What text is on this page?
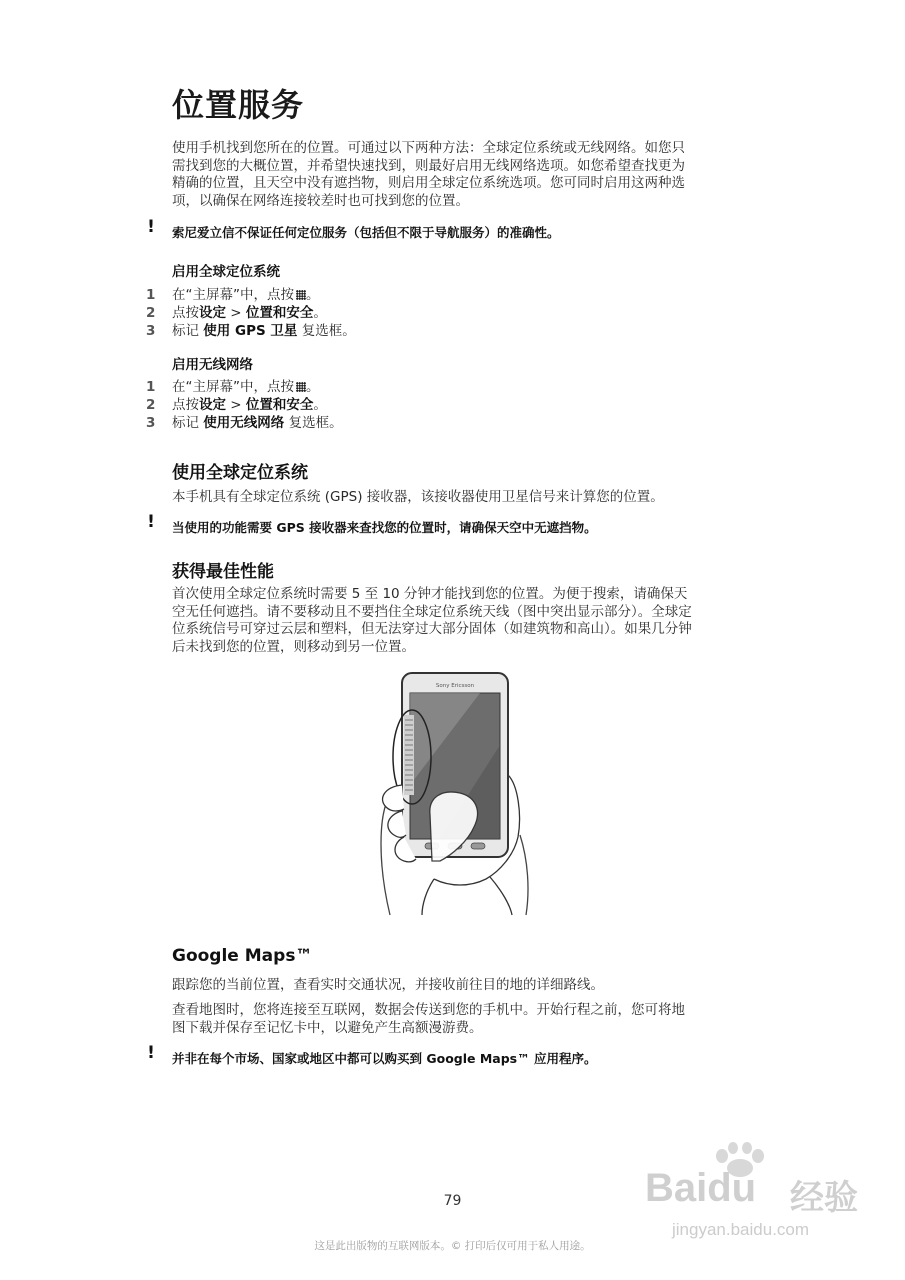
位置服务
使用手机找到您所在的位置。可通过以下两种方法：全球定位系统或无线网络。如您只
需找到您的大概位置，并希望快速找到，则最好启用无线网络选项。如您希望查找更为
精确的位置，且天空中没有遮挡物，则启用全球定位系统选项。您可同时启用这两种选
项，以确保在网络连接较差时也可找到您的位置。
! 索尼爱立信不保证任何定位服务（包括但不限于导航服务）的准确性。
启用全球定位系统
1 在“主屏幕”中，点按 。
2 点按设定 > 位置和安全。
3 标记 使用 GPS 卫星 复选框。
启用无线网络
1 在“主屏幕”中，点按 。
2 点按设定 > 位置和安全。
3 标记 使用无线网络 复选框。
使用全球定位系统
本手机具有全球定位系统 (GPS) 接收器，该接收器使用卫星信号来计算您的位置。
! 当使用的功能需要 GPS 接收器来查找您的位置时，请确保天空中无遮挡物。
获得最佳性能
首次使用全球定位系统时需要 5 至 10 分钟才能找到您的位置。为便于搜索，请确保天
空无任何遮挡。请不要移动且不要挡住全球定位系统天线（图中突出显示部分）。全球定
位系统信号可穿过云层和塑料，但无法穿过大部分固体（如建筑物和高山）。如果几分钟
后未找到您的位置，则移动到另一位置。
Sony Ericsson
Google Maps™
跟踪您的当前位置，查看实时交通状况，并接收前往目的地的详细路线。
查看地图时，您将连接至互联网，数据会传送到您的手机中。开始行程之前，您可将地
图下载并保存至记忆卡中，以避免产生高额漫游费。
! 并非在每个市场、国家或地区中都可以购买到 Google Maps™ 应用程序。
79
这是此出版物的互联网版本。© 打印后仅可用于私人用途。
Baidu 经验
jingyan.baidu.com
